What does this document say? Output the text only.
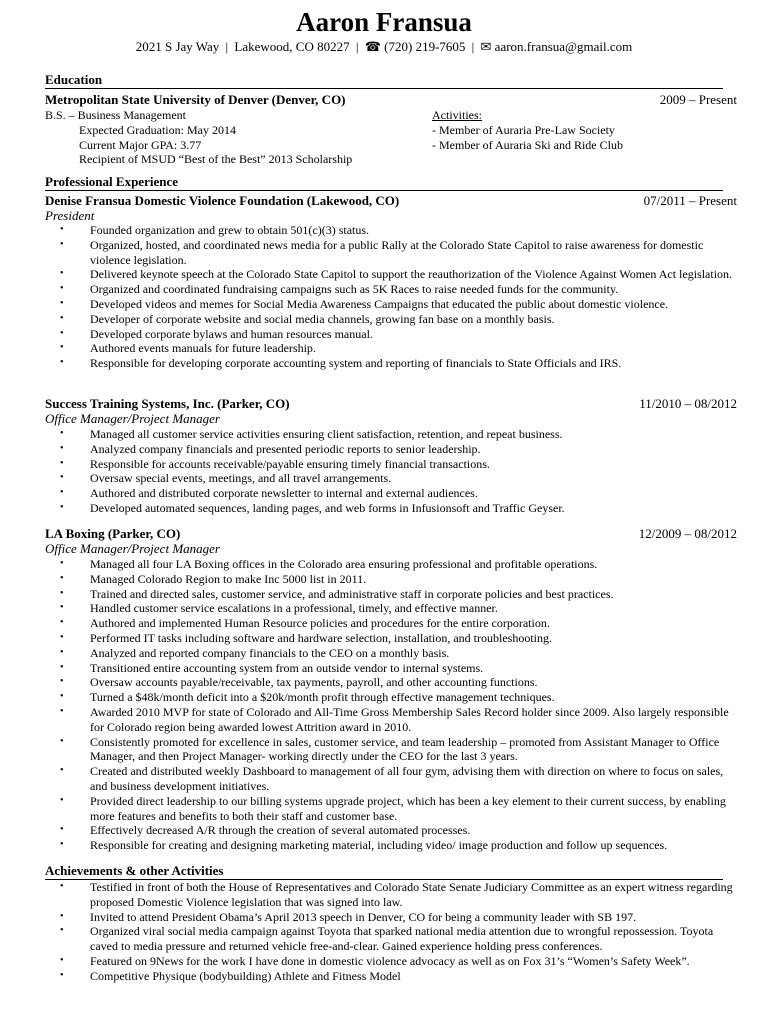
Aaron Fransua
2021 S Jay Way | Lakewood, CO 80227 | ☎ (720) 219-7605 | ✉ aaron.fransua@gmail.com
Education
Metropolitan State University of Denver (Denver, CO)	2009 – Present
B.S. – Business Management
Expected Graduation: May 2014
Current Major GPA: 3.77
Recipient of MSUD “Best of the Best” 2013 Scholarship
Activities:
- Member of Auraria Pre-Law Society
- Member of Auraria Ski and Ride Club
Professional Experience
Denise Fransua Domestic Violence Foundation (Lakewood, CO)	07/2011 – Present
President
• Founded organization and grew to obtain 501(c)(3) status.
• Organized, hosted, and coordinated news media for a public Rally at the Colorado State Capitol to raise awareness for domestic violence legislation.
• Delivered keynote speech at the Colorado State Capitol to support the reauthorization of the Violence Against Women Act legislation.
• Organized and coordinated fundraising campaigns such as 5K Races to raise needed funds for the community.
• Developed videos and memes for Social Media Awareness Campaigns that educated the public about domestic violence.
• Developer of corporate website and social media channels, growing fan base on a monthly basis.
• Developed corporate bylaws and human resources manual.
• Authored events manuals for future leadership.
• Responsible for developing corporate accounting system and reporting of financials to State Officials and IRS.
Success Training Systems, Inc. (Parker, CO)	11/2010 – 08/2012
Office Manager/Project Manager
• Managed all customer service activities ensuring client satisfaction, retention, and repeat business.
• Analyzed company financials and presented periodic reports to senior leadership.
• Responsible for accounts receivable/payable ensuring timely financial transactions.
• Oversaw special events, meetings, and all travel arrangements.
• Authored and distributed corporate newsletter to internal and external audiences.
• Developed automated sequences, landing pages, and web forms in Infusionsoft and Traffic Geyser.
LA Boxing (Parker, CO)	12/2009 – 08/2012
Office Manager/Project Manager
• Managed all four LA Boxing offices in the Colorado area ensuring professional and profitable operations.
• Managed Colorado Region to make Inc 5000 list in 2011.
• Trained and directed sales, customer service, and administrative staff in corporate policies and best practices.
• Handled customer service escalations in a professional, timely, and effective manner.
• Authored and implemented Human Resource policies and procedures for the entire corporation.
• Performed IT tasks including software and hardware selection, installation, and troubleshooting.
• Analyzed and reported company financials to the CEO on a monthly basis.
• Transitioned entire accounting system from an outside vendor to internal systems.
• Oversaw accounts payable/receivable, tax payments, payroll, and other accounting functions.
• Turned a $48k/month deficit into a $20k/month profit through effective management techniques.
• Awarded 2010 MVP for state of Colorado and All-Time Gross Membership Sales Record holder since 2009. Also largely responsible for Colorado region being awarded lowest Attrition award in 2010.
• Consistently promoted for excellence in sales, customer service, and team leadership – promoted from Assistant Manager to Office Manager, and then Project Manager- working directly under the CEO for the last 3 years.
• Created and distributed weekly Dashboard to management of all four gym, advising them with direction on where to focus on sales, and business development initiatives.
• Provided direct leadership to our billing systems upgrade project, which has been a key element to their current success, by enabling more features and benefits to both their staff and customer base.
• Effectively decreased A/R through the creation of several automated processes.
• Responsible for creating and designing marketing material, including video/ image production and follow up sequences.
Achievements & other Activities
• Testified in front of both the House of Representatives and Colorado State Senate Judiciary Committee as an expert witness regarding proposed Domestic Violence legislation that was signed into law.
• Invited to attend President Obama’s April 2013 speech in Denver, CO for being a community leader with SB 197.
• Organized viral social media campaign against Toyota that sparked national media attention due to wrongful repossession. Toyota caved to media pressure and returned vehicle free-and-clear. Gained experience holding press conferences.
• Featured on 9News for the work I have done in domestic violence advocacy as well as on Fox 31’s “Women’s Safety Week”.
• Competitive Physique (bodybuilding) Athlete and Fitness Model
